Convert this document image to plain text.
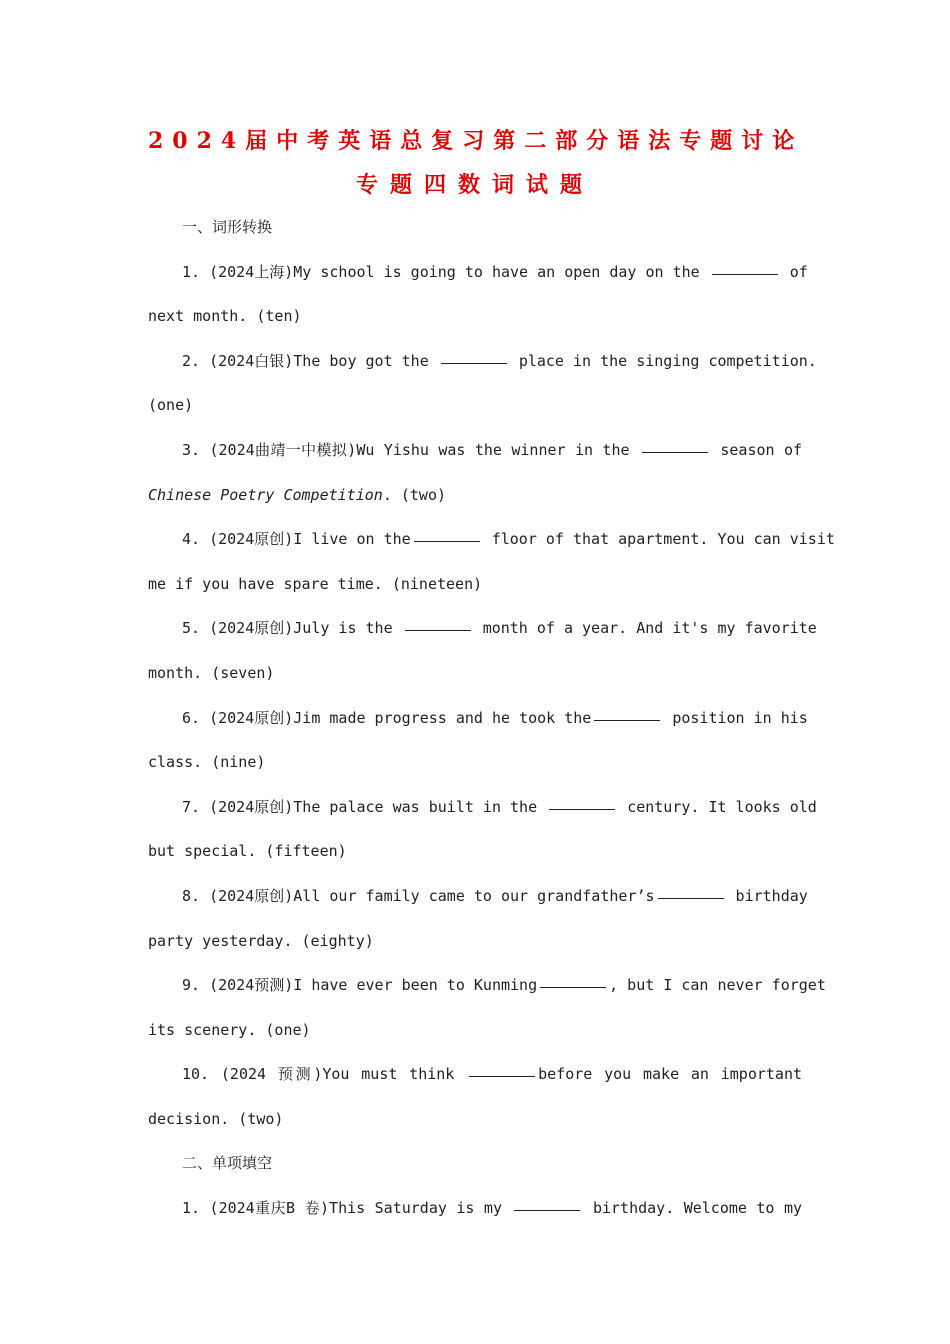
2024届中考英语总复习第二部分语法专题讨论
专题四数词试题
一、词形转换
1. (2024上海)My school is going to have an open day on the	of
next month. (ten)
2. (2024白银)The boy got the	place in the singing competition.
(one)
3. (2024曲靖一中模拟)Wu Yishu was the winner in the	season of
Chinese Poetry Competition. (two)
4. (2024原创)I live on the	floor of that apartment. You can visit
me if you have spare time. (nineteen)
5. (2024原创)July is the	month of a year. And it's my favorite
month. (seven)
6. (2024原创)Jim made progress and he took the	position in his
class. (nine)
7. (2024原创)The palace was built in the	century. It looks old
but special. (fifteen)
8. (2024原创)All our family came to our grandfather’s	birthday
party yesterday. (eighty)
9. (2024预测)I have ever been to Kunming	, but I can never forget
its scenery. (one)
10. (2024 预测)You must think	before you make an important
decision. (two)
二、单项填空
1. (2024重庆B 卷)This Saturday is my	birthday. Welcome to my
